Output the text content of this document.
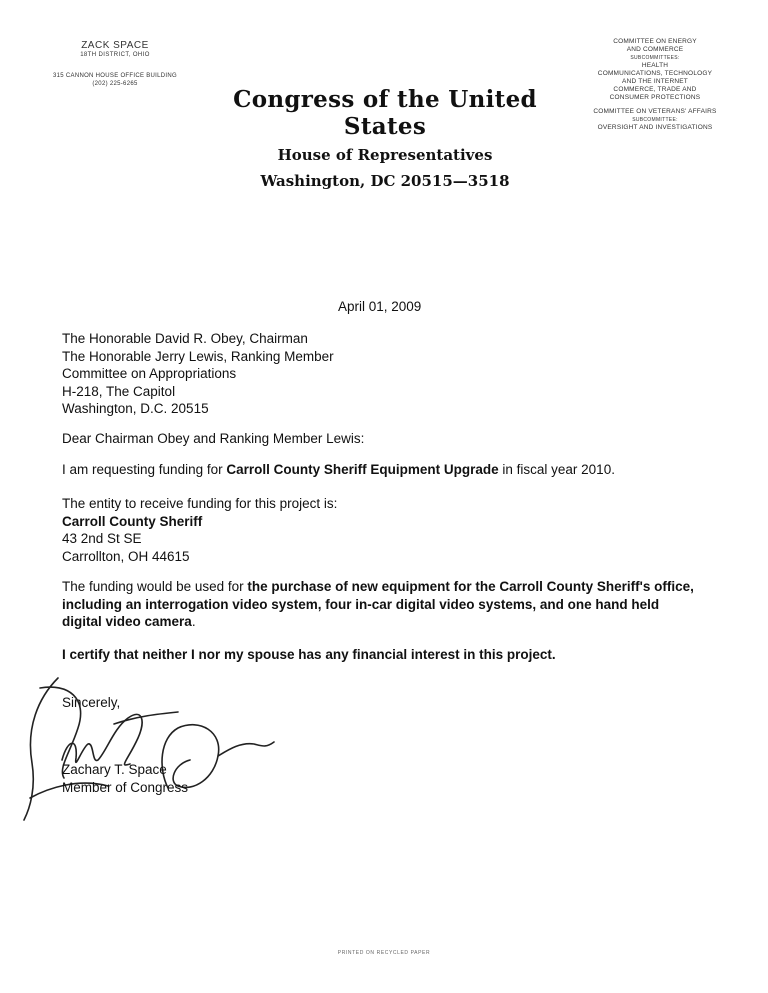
ZACK SPACE
18TH DISTRICT, OHIO
315 CANNON HOUSE OFFICE BUILDING
(202) 225-6265
Congress of the United States
House of Representatives
Washington, DC 20515—3518
COMMITTEE ON ENERGY
AND COMMERCE
SUBCOMMITTEES:
HEALTH
COMMUNICATIONS, TECHNOLOGY
AND THE INTERNET
COMMERCE, TRADE AND
CONSUMER PROTECTIONS
COMMITTEE ON VETERANS' AFFAIRS
SUBCOMMITTEE:
OVERSIGHT AND INVESTIGATIONS
April 01, 2009
The Honorable David R. Obey, Chairman
The Honorable Jerry Lewis, Ranking Member
Committee on Appropriations
H-218, The Capitol
Washington, D.C. 20515
Dear Chairman Obey and Ranking Member Lewis:
I am requesting funding for Carroll County Sheriff Equipment Upgrade in fiscal year 2010.
The entity to receive funding for this project is:
Carroll County Sheriff
43 2nd St SE
Carrollton, OH 44615
The funding would be used for the purchase of new equipment for the Carroll County Sheriff's office, including an interrogation video system, four in-car digital video systems, and one hand held digital video camera.
I certify that neither I nor my spouse has any financial interest in this project.
Sincerely,
Zachary T. Space
Member of Congress
PRINTED ON RECYCLED PAPER
